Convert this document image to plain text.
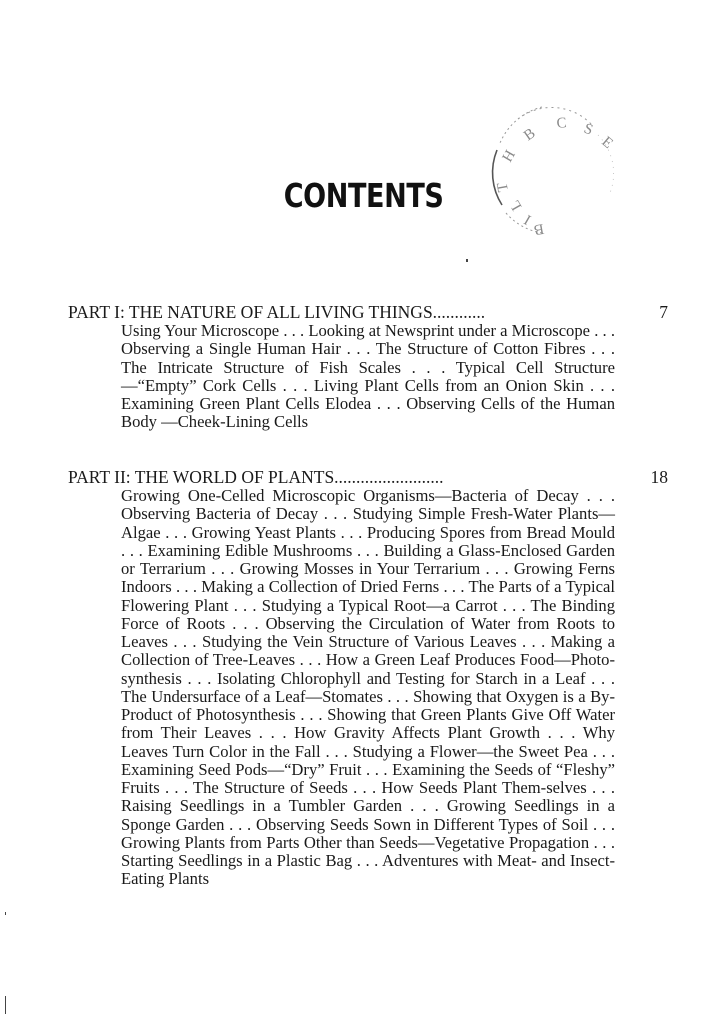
H
B
C S
E
L
I
B
T
CONTENTS
PART I: THE NATURE OF ALL LIVING THINGS............	7
Using Your Microscope . . . Looking at Newsprint under a Microscope . . . Observing a Single Human Hair . . . The Structure of Cotton Fibres . . . The Intricate Structure of Fish Scales . . . Typical Cell Structure—“Empty” Cork Cells . . . Living Plant Cells from an Onion Skin . . . Examining Green Plant Cells Elodea . . . Observing Cells of the Human Body —Cheek-Lining Cells
PART II: THE WORLD OF PLANTS.........................	18
Growing One-Celled Microscopic Organisms—Bacteria of Decay . . . Observing Bacteria of Decay . . . Studying Simple Fresh-Water Plants—Algae . . . Growing Yeast Plants . . . Producing Spores from Bread Mould . . . Examining Edible Mushrooms . . . Building a Glass-Enclosed Garden or Terrarium . . . Growing Mosses in Your Terrarium . . . Growing Ferns Indoors . . . Making a Collection of Dried Ferns . . . The Parts of a Typical Flowering Plant . . . Studying a Typical Root—a Carrot . . . The Binding Force of Roots . . . Observing the Circulation of Water from Roots to Leaves . . . Studying the Vein Structure of Various Leaves . . . Making a Collection of Tree-Leaves . . . How a Green Leaf Produces Food—Photo-synthesis . . . Isolating Chlorophyll and Testing for Starch in a Leaf . . . The Undersurface of a Leaf—Stomates . . . Showing that Oxygen is a By-Product of Photosynthesis . . . Showing that Green Plants Give Off Water from Their Leaves . . . How Gravity Affects Plant Growth . . . Why Leaves Turn Color in the Fall . . . Studying a Flower—the Sweet Pea . . . Examining Seed Pods—“Dry” Fruit . . . Examining the Seeds of “Fleshy” Fruits . . . The Structure of Seeds . . . How Seeds Plant Them-selves . . . Raising Seedlings in a Tumbler Garden . . . Growing Seedlings in a Sponge Garden . . . Observing Seeds Sown in Different Types of Soil . . . Growing Plants from Parts Other than Seeds—Vegetative Propagation . . . Starting Seedlings in a Plastic Bag . . . Adventures with Meat- and Insect-Eating Plants
